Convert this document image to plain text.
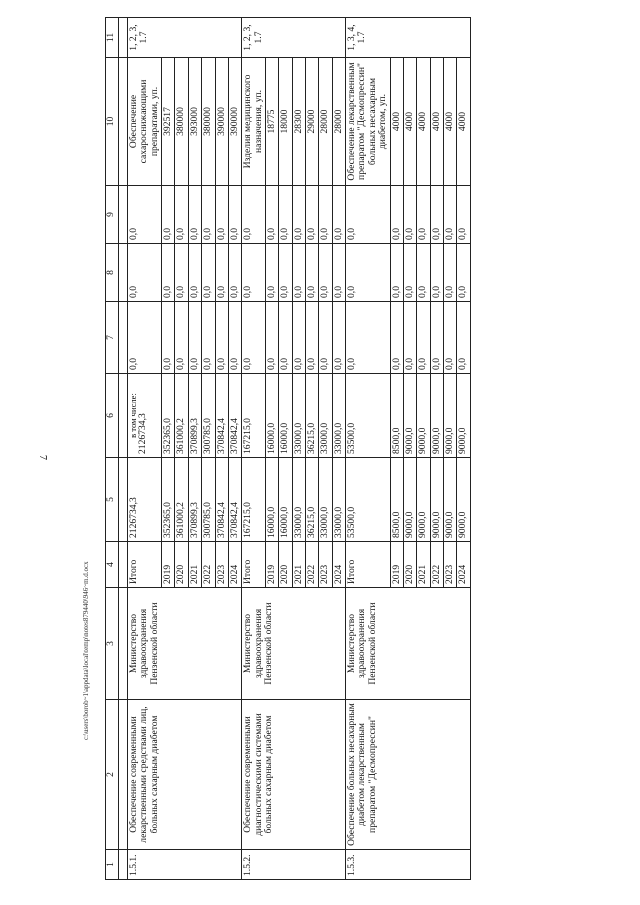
7
c:\users\borob~1\appdata\local\temp\notes879440\946~m.d.ocx
1	2	3	4	5	6	7	8	9	10	11

1.5.1.	Обеспечение современными лекарственными средствами лиц, больных сахарным диабетом	Министерство здравоохранения Пензенской области	Итого	2126734,3	в том числе: 2126734,3	0,0	0,0	0,0	Обеспечение сахароснижающими препаратами, уп.	1, 2, 3, 1.7
			2019	352365,0	352365,0	0,0	0,0	0,0	392517	
			2020	361000,2	361000,2	0,0	0,0	0,0	380000	
			2021	370899,3	370899,3	0,0	0,0	0,0	393000	
			2022	300785,0	300785,0	0,0	0,0	0,0	380000	
			2023	370842,4	370842,4	0,0	0,0	0,0	390000	
			2024	370842,4	370842,4	0,0	0,0	0,0	390000	
1.5.2.	Обеспечение современными диагностическими системами больных сахарным диабетом	Министерство здравоохранения Пензенской области	Итого	167215,0	167215,0	0,0	0,0	0,0	Изделия медицинского назначения, уп.	1, 2, 3, 1.7
			2019	16000,0	16000,0	0,0	0,0	0,0	18775	
			2020	16000,0	16000,0	0,0	0,0	0,0	18000	
			2021	33000,0	33000,0	0,0	0,0	0,0	28300	
			2022	36215,0	36215,0	0,0	0,0	0,0	29000	
			2023	33000,0	33000,0	0,0	0,0	0,0	28000	
			2024	33000,0	33000,0	0,0	0,0	0,0	28000	
1.5.3.	Обеспечение больных несахарным диабетом лекарственным препаратом "Десмопрессин"	Министерство здравоохранения Пензенской области	Итого	53500,0	53500,0	0,0	0,0	0,0	Обеспечение лекарственным препаратом "Десмопрессин" больных несахарным диабетом, уп.	1, 3, 4, 1.7
			2019	8500,0	8500,0	0,0	0,0	0,0	4000	
			2020	9000,0	9000,0	0,0	0,0	0,0	4000	
			2021	9000,0	9000,0	0,0	0,0	0,0	4000	
			2022	9000,0	9000,0	0,0	0,0	0,0	4000	
			2023	9000,0	9000,0	0,0	0,0	0,0	4000	
			2024	9000,0	9000,0	0,0	0,0	0,0	4000	
